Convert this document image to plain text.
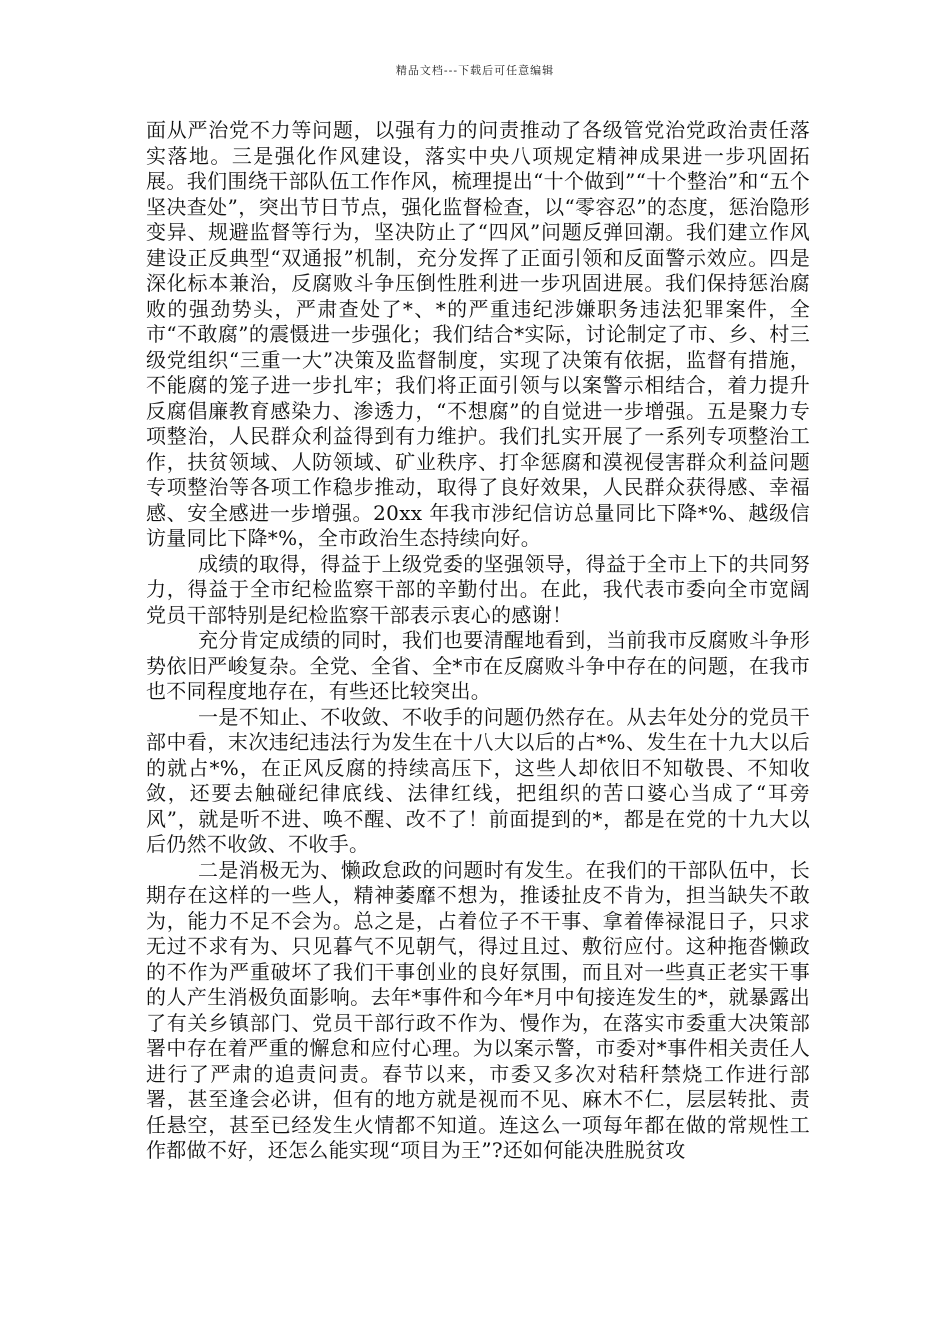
精品文档---下载后可任意编辑

面从严治党不力等问题，以强有力的问责推动了各级管党治党政治责任落实落地。三是强化作风建设，落实中央八项规定精神成果进一步巩固拓展。我们围绕干部队伍工作作风，梳理提出“十个做到”“十个整治”和“五个坚决查处”，突出节日节点，强化监督检查，以“零容忍”的态度，惩治隐形变异、规避监督等行为，坚决防止了“四风”问题反弹回潮。我们建立作风建设正反典型“双通报”机制，充分发挥了正面引领和反面警示效应。四是深化标本兼治，反腐败斗争压倒性胜利进一步巩固进展。我们保持惩治腐败的强劲势头，严肃查处了*、*的严重违纪涉嫌职务违法犯罪案件，全市“不敢腐”的震慑进一步强化；我们结合*实际，讨论制定了市、乡、村三级党组织“三重一大”决策及监督制度，实现了决策有依据，监督有措施，不能腐的笼子进一步扎牢；我们将正面引领与以案警示相结合，着力提升反腐倡廉教育感染力、渗透力，“不想腐”的自觉进一步增强。五是聚力专项整治，人民群众利益得到有力维护。我们扎实开展了一系列专项整治工作，扶贫领域、人防领域、矿业秩序、打伞惩腐和漠视侵害群众利益问题专项整治等各项工作稳步推动，取得了良好效果，人民群众获得感、幸福感、安全感进一步增强。20xx 年我市涉纪信访总量同比下降*%、越级信访量同比下降*%，全市政治生态持续向好。

成绩的取得，得益于上级党委的坚强领导，得益于全市上下的共同努力，得益于全市纪检监察干部的辛勤付出。在此，我代表市委向全市宽阔党员干部特别是纪检监察干部表示衷心的感谢！

充分肯定成绩的同时，我们也要清醒地看到，当前我市反腐败斗争形势依旧严峻复杂。全党、全省、全*市在反腐败斗争中存在的问题，在我市也不同程度地存在，有些还比较突出。

一是不知止、不收敛、不收手的问题仍然存在。从去年处分的党员干部中看，末次违纪违法行为发生在十八大以后的占*%、发生在十九大以后的就占*%，在正风反腐的持续高压下，这些人却依旧不知敬畏、不知收敛，还要去触碰纪律底线、法律红线，把组织的苦口婆心当成了“耳旁风”，就是听不进、唤不醒、改不了！前面提到的*，都是在党的十九大以后仍然不收敛、不收手。

二是消极无为、懒政怠政的问题时有发生。在我们的干部队伍中，长期存在这样的一些人，精神萎靡不想为，推诿扯皮不肯为，担当缺失不敢为，能力不足不会为。总之是，占着位子不干事、拿着俸禄混日子，只求无过不求有为、只见暮气不见朝气，得过且过、敷衍应付。这种拖沓懒政的不作为严重破坏了我们干事创业的良好氛围，而且对一些真正老实干事的人产生消极负面影响。去年*事件和今年*月中旬接连发生的*，就暴露出了有关乡镇部门、党员干部行政不作为、慢作为，在落实市委重大决策部署中存在着严重的懈怠和应付心理。为以案示警，市委对*事件相关责任人进行了严肃的追责问责。春节以来，市委又多次对秸秆禁烧工作进行部署，甚至逢会必讲，但有的地方就是视而不见、麻木不仁，层层转批、责任悬空，甚至已经发生火情都不知道。连这么一项每年都在做的常规性工作都做不好，还怎么能实现“项目为王”?还如何能决胜脱贫攻
